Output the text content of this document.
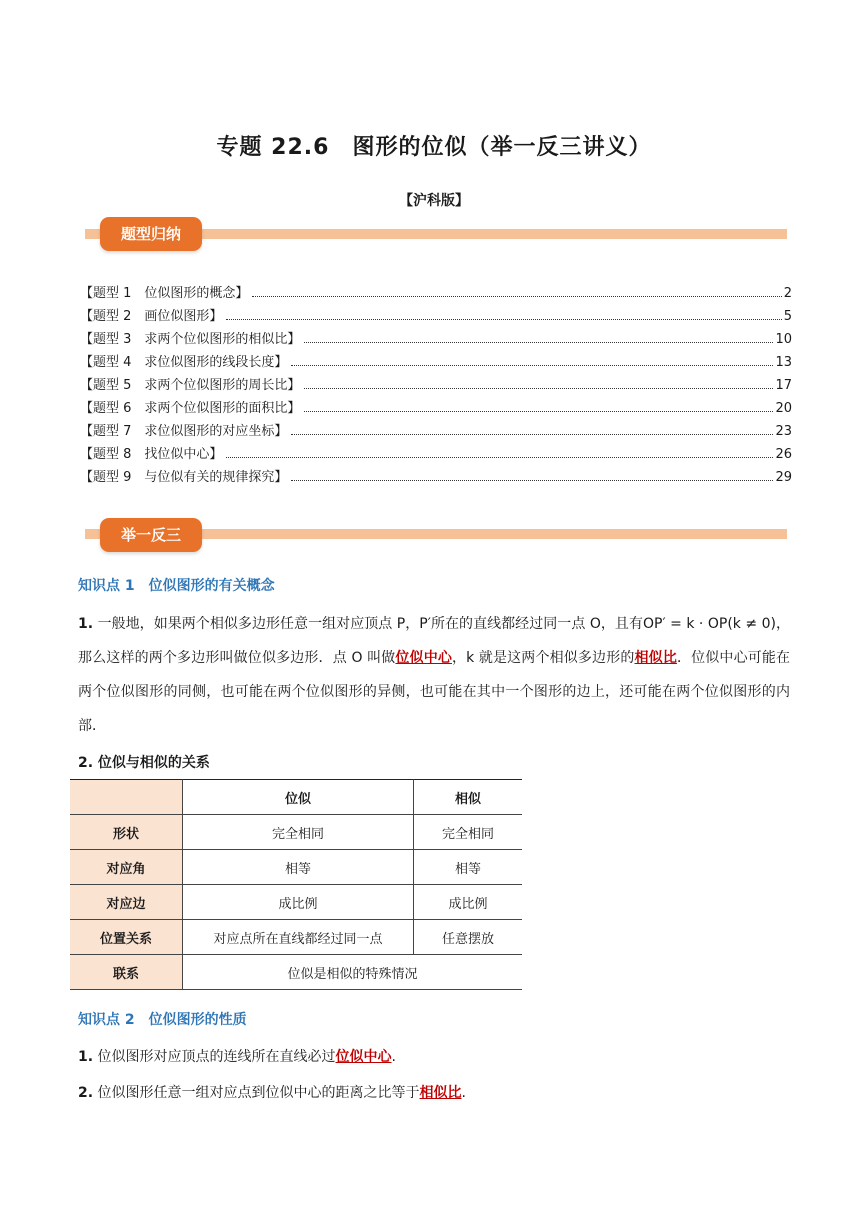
专题 22.6　图形的位似（举一反三讲义）
【沪科版】
题型归纳
【题型 1　位似图形的概念】	2
【题型 2　画位似图形】	5
【题型 3　求两个位似图形的相似比】	10
【题型 4　求位似图形的线段长度】	13
【题型 5　求两个位似图形的周长比】	17
【题型 6　求两个位似图形的面积比】	20
【题型 7　求位似图形的对应坐标】	23
【题型 8　找位似中心】	26
【题型 9　与位似有关的规律探究】	29
举一反三
知识点 1　位似图形的有关概念
1. 一般地，如果两个相似多边形任意一组对应顶点 P，P′所在的直线都经过同一点 O，且有OP′ = k · OP(k ≠ 0)，那么这样的两个多边形叫做位似多边形．点 O 叫做位似中心，k 就是这两个相似多边形的相似比．位似中心可能在两个位似图形的同侧，也可能在两个位似图形的异侧，也可能在其中一个图形的边上，还可能在两个位似图形的内部．
2. 位似与相似的关系
	位似	相似
形状	完全相同	完全相同
对应角	相等	相等
对应边	成比例	成比例
位置关系	对应点所在直线都经过同一点	任意摆放
联系	位似是相似的特殊情况	
知识点 2　位似图形的性质
1. 位似图形对应顶点的连线所在直线必过位似中心.
2. 位似图形任意一组对应点到位似中心的距离之比等于相似比.
